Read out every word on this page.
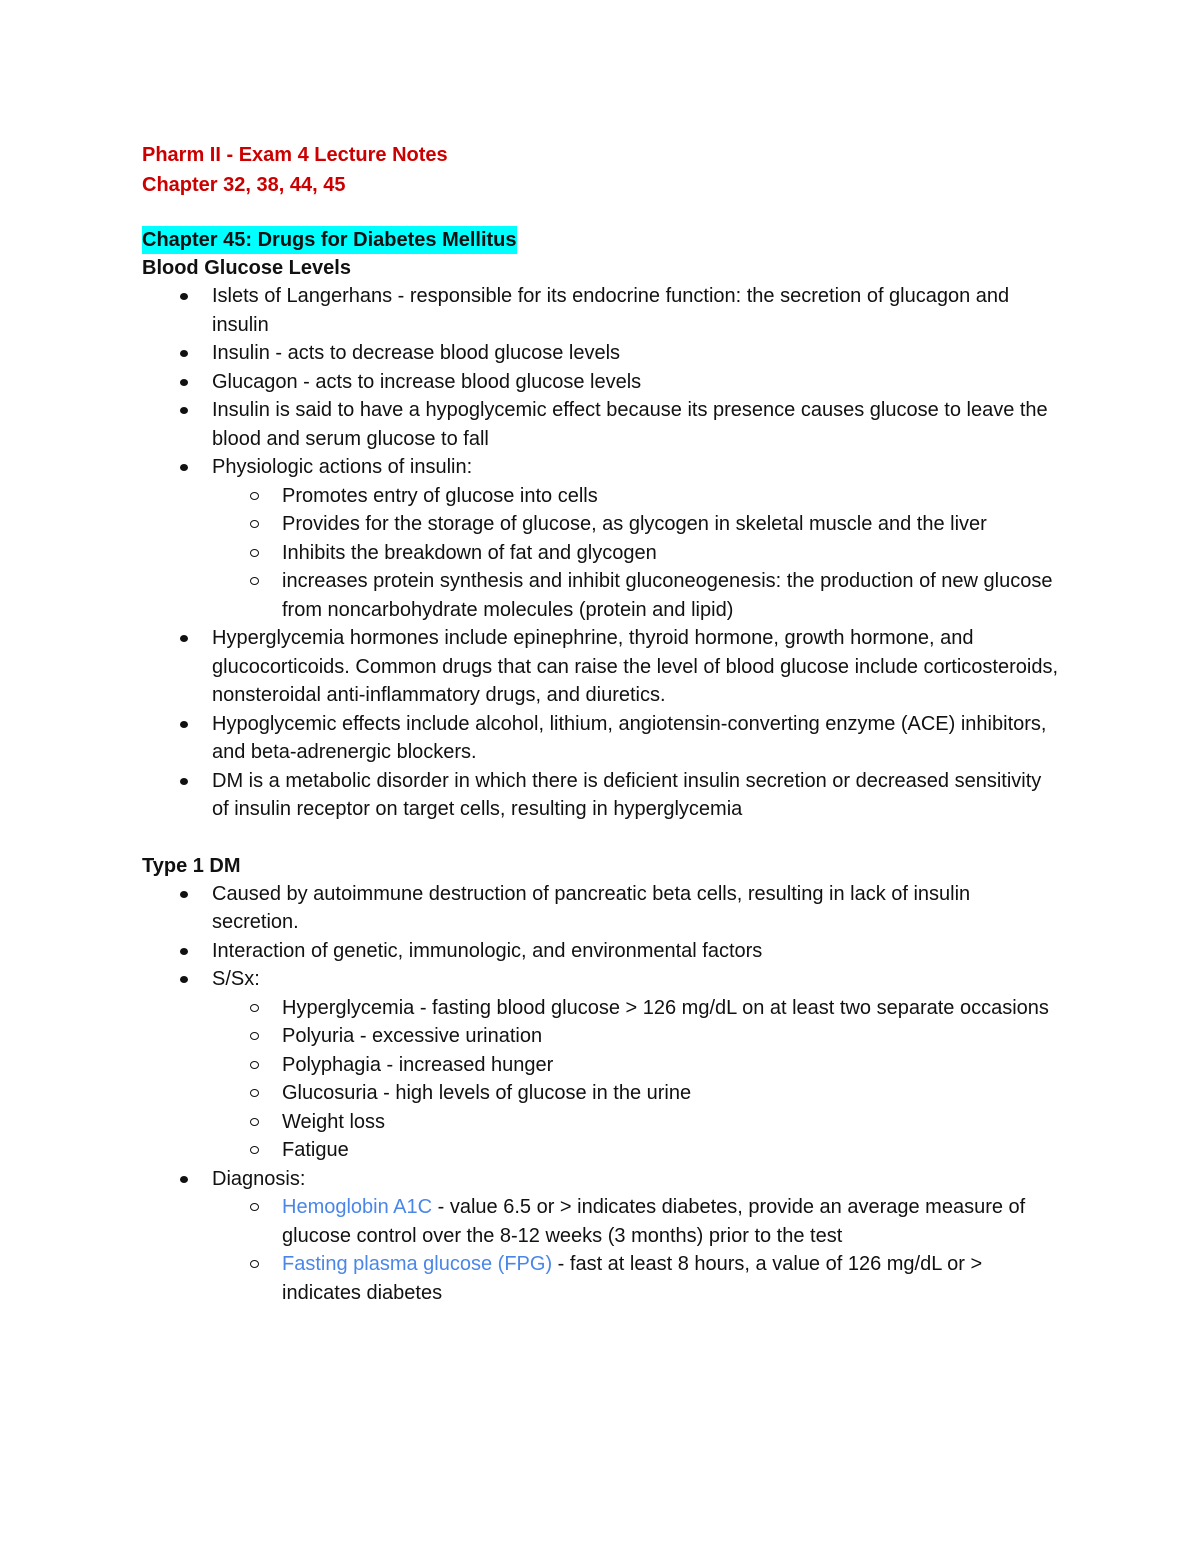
Pharm II - Exam 4 Lecture Notes
Chapter 32, 38, 44, 45
Chapter 45: Drugs for Diabetes Mellitus
Blood Glucose Levels
Islets of Langerhans - responsible for its endocrine function: the secretion of glucagon and insulin
Insulin - acts to decrease blood glucose levels
Glucagon - acts to increase blood glucose levels
Insulin is said to have a hypoglycemic effect because its presence causes glucose to leave the blood and serum glucose to fall
Physiologic actions of insulin:
Promotes entry of glucose into cells
Provides for the storage of glucose, as glycogen in skeletal muscle and the liver
Inhibits the breakdown of fat and glycogen
increases protein synthesis and inhibit gluconeogenesis: the production of new glucose from noncarbohydrate molecules (protein and lipid)
Hyperglycemia hormones include epinephrine, thyroid hormone, growth hormone, and glucocorticoids. Common drugs that can raise the level of blood glucose include corticosteroids, nonsteroidal anti-inflammatory drugs, and diuretics.
Hypoglycemic effects include alcohol, lithium, angiotensin-converting enzyme (ACE) inhibitors, and beta-adrenergic blockers.
DM is a metabolic disorder in which there is deficient insulin secretion or decreased sensitivity of insulin receptor on target cells, resulting in hyperglycemia
Type 1 DM
Caused by autoimmune destruction of pancreatic beta cells, resulting in lack of insulin secretion.
Interaction of genetic, immunologic, and environmental factors
S/Sx:
Hyperglycemia - fasting blood glucose > 126 mg/dL on at least two separate occasions
Polyuria - excessive urination
Polyphagia - increased hunger
Glucosuria - high levels of glucose in the urine
Weight loss
Fatigue
Diagnosis:
Hemoglobin A1C - value 6.5 or > indicates diabetes, provide an average measure of glucose control over the 8-12 weeks (3 months) prior to the test
Fasting plasma glucose (FPG) - fast at least 8 hours, a value of 126 mg/dL or > indicates diabetes
